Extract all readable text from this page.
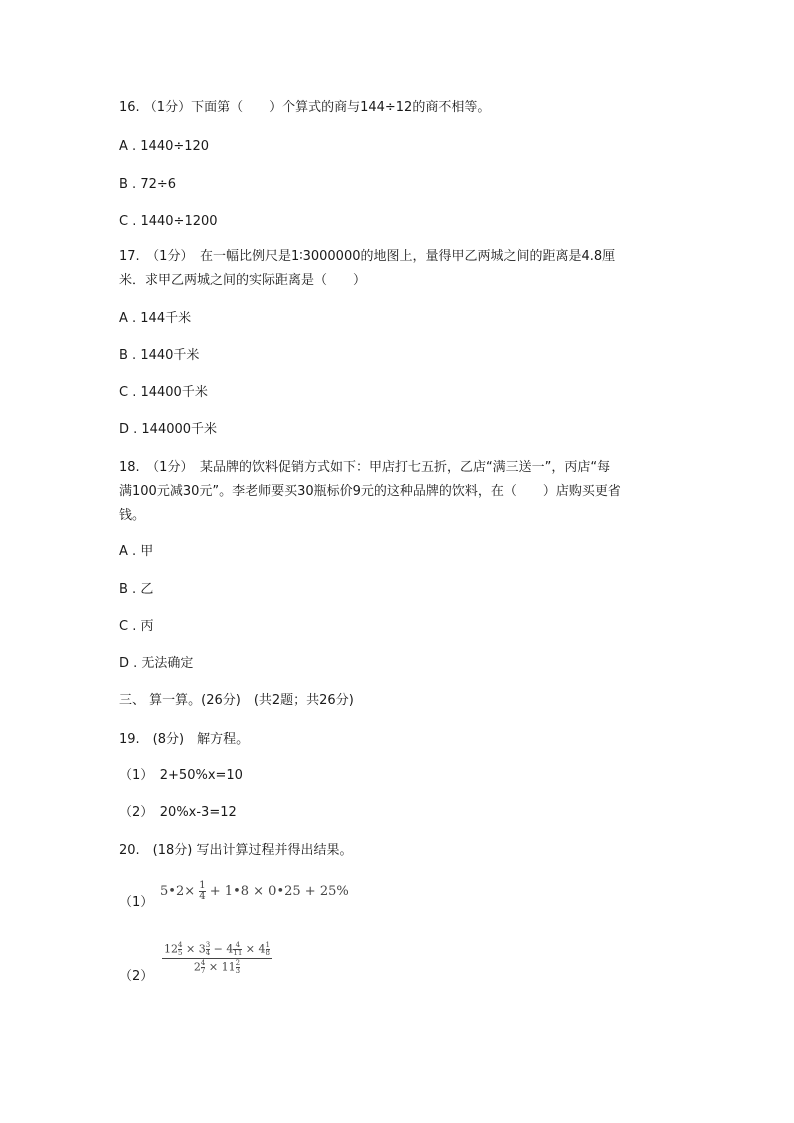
16. （1分）下面第（　　）个算式的商与144÷12的商不相等。
A . 1440÷120
B . 72÷6
C . 1440÷1200
17.　（1分）　在一幅比例尺是1∶3000000的地图上，量得甲乙两城之间的距离是4.8厘
米．求甲乙两城之间的实际距离是（　　）
A . 144千米
B . 1440千米
C . 14400千米
D . 144000千米
18.　（1分）　某品牌的饮料促销方式如下：甲店打七五折，乙店“满三送一”，丙店“每
满100元减30元”。李老师要买30瓶标价9元的这种品牌的饮料，在（　　）店购买更省
钱。
A . 甲
B . 乙
C . 丙
D . 无法确定
三、 算一算。(26分)　(共2题；共26分)
19.　(8分)　解方程。
（1）　2+50%x=10
（2）　20%x-3=12
20.　(18分) 写出计算过程并得出结果。
（1）
5•2× $\frac{1}{4}$ + 1•8 × 0•25 + 25%
（2）
$12 \frac{4}{5} \times 3 \frac{3}{4} - 4 \frac{4}{11} \times 4 \frac{1}{8}$
$2 \frac{4}{7} \times 11 \frac{2}{3}$
